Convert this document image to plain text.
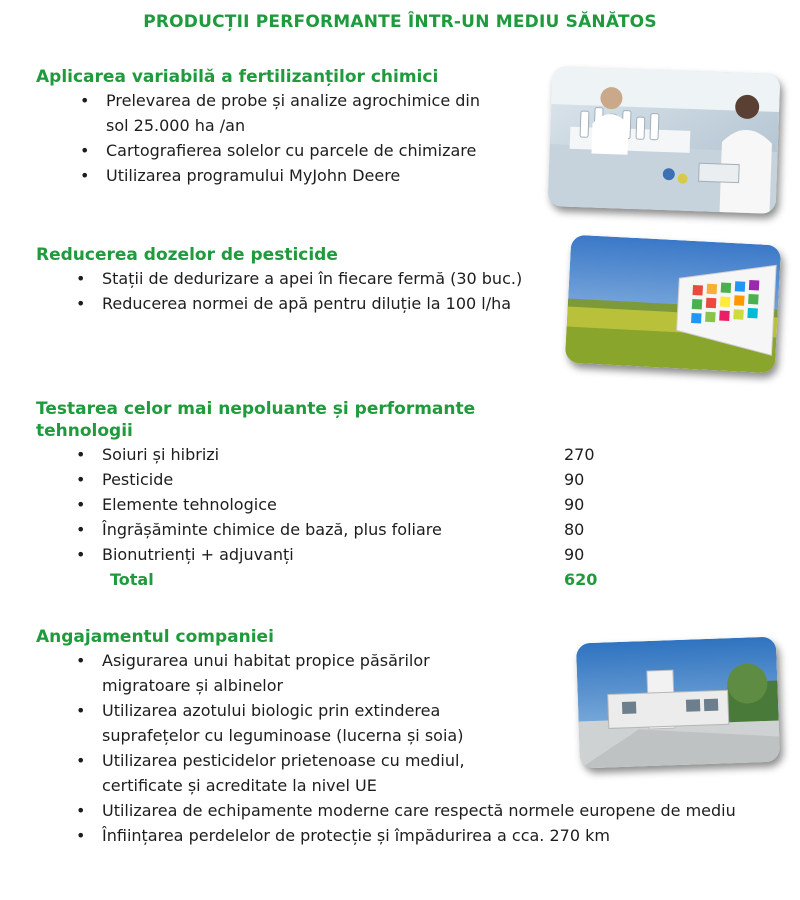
PRODUCȚII PERFORMANTE ÎNTR-UN MEDIU SĂNĂTOS

Aplicarea variabilă a fertilizanților chimici

• Prelevarea de probe și analize agrochimice din sol 25.000 ha /an
• Cartografierea solelor cu parcele de chimizare
• Utilizarea programului MyJohn Deere

Reducerea dozelor de pesticide

• Stații de dedurizare a apei în fiecare fermă (30 buc.)
• Reducerea normei de apă pentru diluție la 100 l/ha

Testarea celor mai nepoluante și performante tehnologii

• Soiuri și hibrizi	270
• Pesticide	90
• Elemente tehnologice	90
• Îngrășăminte chimice de bază, plus foliare	80
• Bionutrienți + adjuvanți	90
Total	620

Angajamentul companiei

• Asigurarea unui habitat propice păsărilor migratoare și albinelor
• Utilizarea azotului biologic prin extinderea suprafețelor cu leguminoase (lucerna și soia)
• Utilizarea pesticidelor prietenoase cu mediul, certificate și acreditate la nivel UE
• Utilizarea de echipamente moderne care respectă normele europene de mediu
• Înființarea perdelelor de protecție și împădurirea a cca. 270 km
